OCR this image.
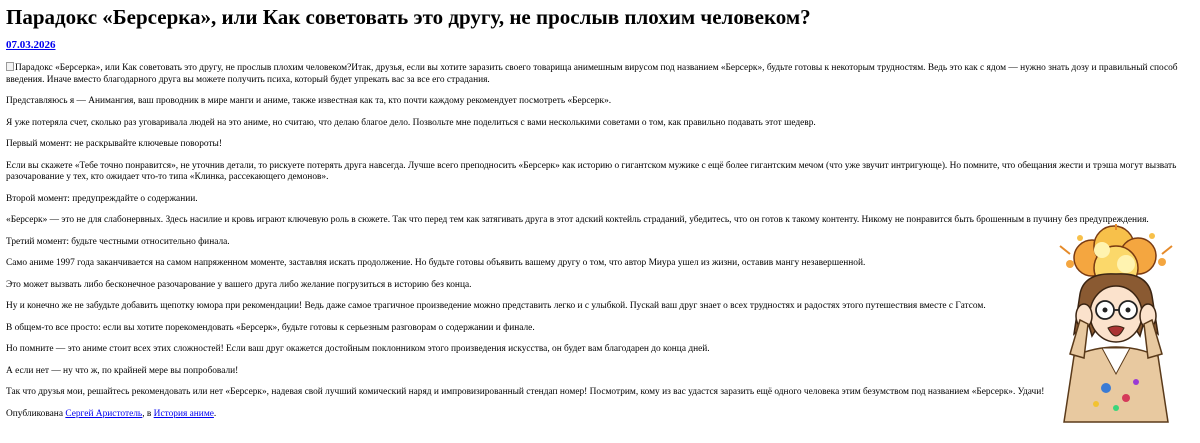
Парадокс «Берсерка», или Как советовать это другу, не прослыв плохим человеком?
07.03.2026

Парадокс «Берсерка», или Как советовать это другу, не прослыв плохим человеком?Итак, друзья, если вы хотите заразить своего товарища анимешным вирусом под названием «Берсерк», будьте готовы к некоторым трудностям. Ведь это как с ядом — нужно знать дозу и правильный способ введения. Иначе вместо благодарного друга вы можете получить психа, который будет упрекать вас за все его страдания.

Представляюсь я — Анимангия, ваш проводник в мире манги и аниме, также известная как та, кто почти каждому рекомендует посмотреть «Берсерк».

Я уже потеряла счет, сколько раз уговаривала людей на это аниме, но считаю, что делаю благое дело. Позвольте мне поделиться с вами несколькими советами о том, как правильно подавать этот шедевр.

Первый момент: не раскрывайте ключевые повороты!

Если вы скажете «Тебе точно понравится», не уточнив детали, то рискуете потерять друга навсегда. Лучше всего преподносить «Берсерк» как историю о гигантском мужике с ещё более гигантским мечом (что уже звучит интригующе). Но помните, что обещания жести и трэша могут вызвать разочарование у тех, кто ожидает что-то типа «Клинка, рассекающего демонов».

Второй момент: предупреждайте о содержании.

«Берсерк» — это не для слабонервных. Здесь насилие и кровь играют ключевую роль в сюжете. Так что перед тем как затягивать друга в этот адский коктейль страданий, убедитесь, что он готов к такому контенту. Никому не понравится быть брошенным в пучину без предупреждения.

Третий момент: будьте честными относительно финала.

Само аниме 1997 года заканчивается на самом напряженном моменте, заставляя искать продолжение. Но будьте готовы объявить вашему другу о том, что автор Миура ушел из жизни, оставив мангу незавершенной.

Это может вызвать либо бесконечное разочарование у вашего друга либо желание погрузиться в историю без конца.

Ну и конечно же не забудьте добавить щепотку юмора при рекомендации! Ведь даже самое трагичное произведение можно представить легко и с улыбкой. Пускай ваш друг знает о всех трудностях и радостях этого путешествия вместе с Гатсом.

В общем-то все просто: если вы хотите порекомендовать «Берсерк», будьте готовы к серьезным разговорам о содержании и финале.

Но помните — это аниме стоит всех этих сложностей! Если ваш друг окажется достойным поклонником этого произведения искусства, он будет вам благодарен до конца дней.

А если нет — ну что ж, по крайней мере вы попробовали!

Так что друзья мои, решайтесь рекомендовать или нет «Берсерк», надевая свой лучший комический наряд и импровизированный стендап номер! Посмотрим, кому из вас удастся заразить ещё одного человека этим безумством под названием «Берсерк». Удачи!

Опубликована Сергей Аристотель, в История аниме.
